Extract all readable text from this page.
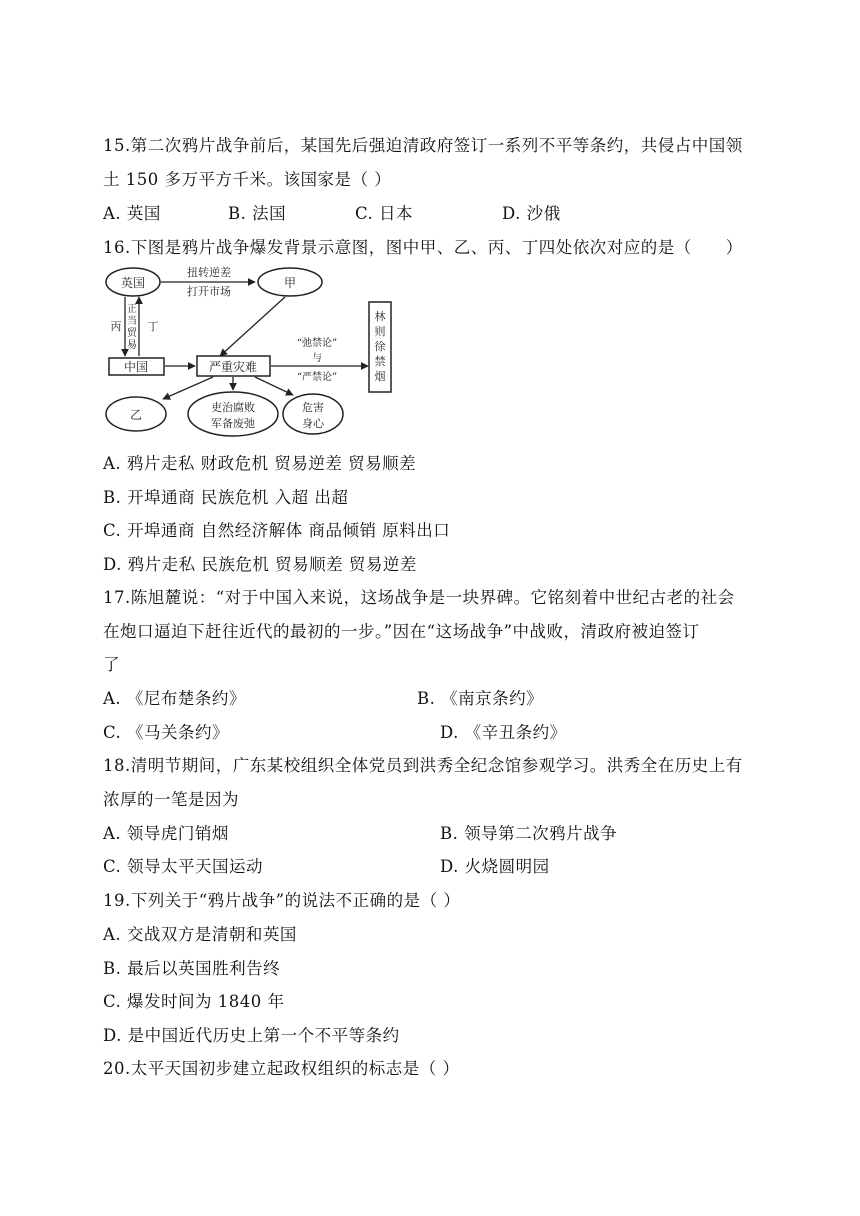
15.第二次鸦片战争前后，某国先后强迫清政府签订一系列不平等条约，共侵占中国领
土 150 多万平方千米。该国家是（ ）
A. 英国	B. 法国	C. 日本	D. 沙俄
16.下图是鸦片战争爆发背景示意图，图中甲、乙、丙、丁四处依次对应的是（　　）
英国
扭转逆差
打开市场
甲
丙 丁
正当贸易
中国	严重灾难
“弛禁论”
与
“严禁论”
林则徐禁烟
乙
吏治腐败
军备废弛
危害
身心
A. 鸦片走私 财政危机 贸易逆差 贸易顺差
B. 开埠通商 民族危机 入超 出超
C. 开埠通商 自然经济解体 商品倾销 原料出口
D. 鸦片走私 民族危机 贸易顺差 贸易逆差
17.陈旭麓说：“对于中国入来说，这场战争是一块界碑。它铭刻着中世纪古老的社会
在炮口逼迫下赶往近代的最初的一步。”因在“这场战争”中战败，清政府被迫签订
了
A. 《尼布楚条约》	B. 《南京条约》
C. 《马关条约》	D. 《辛丑条约》
18.清明节期间，广东某校组织全体党员到洪秀全纪念馆参观学习。洪秀全在历史上有
浓厚的一笔是因为
A. 领导虎门销烟	B. 领导第二次鸦片战争
C. 领导太平天国运动	D. 火烧圆明园
19.下列关于“鸦片战争”的说法不正确的是（ ）
A. 交战双方是清朝和英国
B. 最后以英国胜利告终
C. 爆发时间为 1840 年
D. 是中国近代历史上第一个不平等条约
20.太平天国初步建立起政权组织的标志是（ ）
